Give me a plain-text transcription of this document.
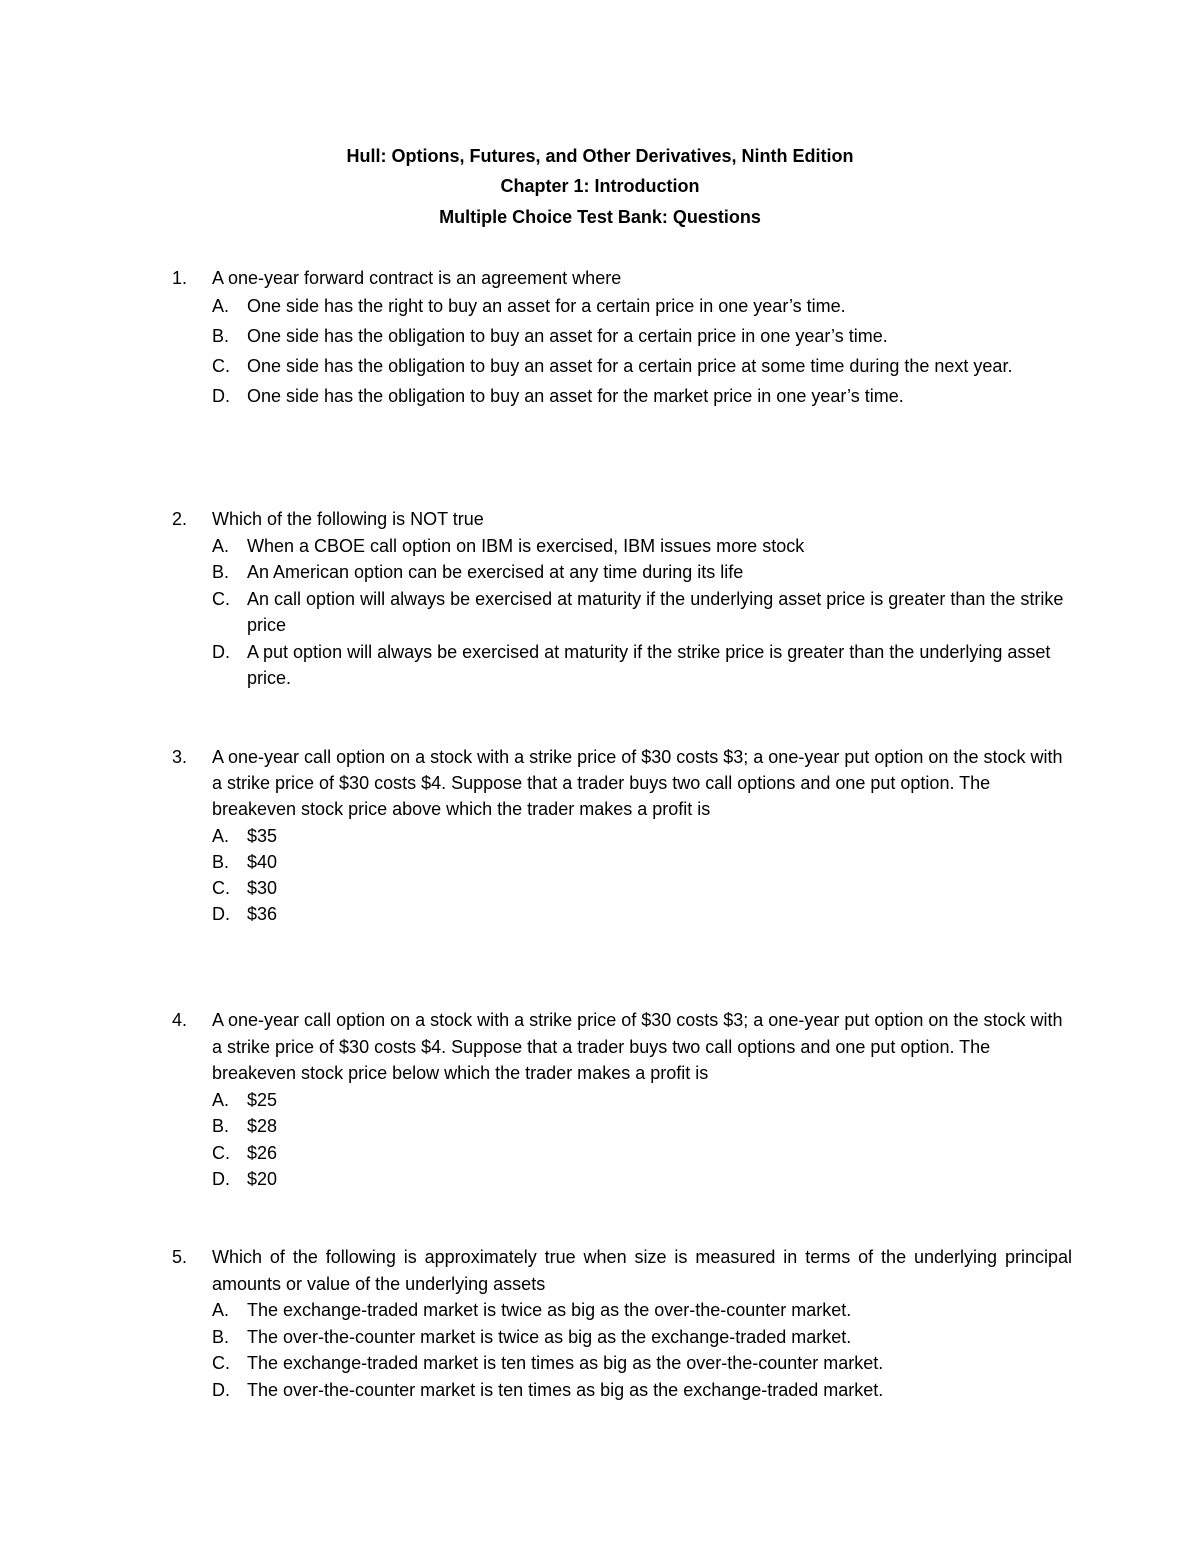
Hull: Options, Futures, and Other Derivatives, Ninth Edition
Chapter 1: Introduction
Multiple Choice Test Bank: Questions
1. A one-year forward contract is an agreement where
A. One side has the right to buy an asset for a certain price in one year’s time.
B. One side has the obligation to buy an asset for a certain price in one year’s time.
C. One side has the obligation to buy an asset for a certain price at some time during the next year.
D. One side has the obligation to buy an asset for the market price in one year’s time.
2. Which of the following is NOT true
A. When a CBOE call option on IBM is exercised, IBM issues more stock
B. An American option can be exercised at any time during its life
C. An call option will always be exercised at maturity if the underlying asset price is greater than the strike price
D. A put option will always be exercised at maturity if the strike price is greater than the underlying asset price.
3. A one-year call option on a stock with a strike price of $30 costs $3; a one-year put option on the stock with a strike price of $30 costs $4. Suppose that a trader buys two call options and one put option. The breakeven stock price above which the trader makes a profit is
A. $35
B. $40
C. $30
D. $36
4. A one-year call option on a stock with a strike price of $30 costs $3; a one-year put option on the stock with a strike price of $30 costs $4. Suppose that a trader buys two call options and one put option. The breakeven stock price below which the trader makes a profit is
A. $25
B. $28
C. $26
D. $20
5. Which of the following is approximately true when size is measured in terms of the underlying principal amounts or value of the underlying assets
A. The exchange-traded market is twice as big as the over-the-counter market.
B. The over-the-counter market is twice as big as the exchange-traded market.
C. The exchange-traded market is ten times as big as the over-the-counter market.
D. The over-the-counter market is ten times as big as the exchange-traded market.
